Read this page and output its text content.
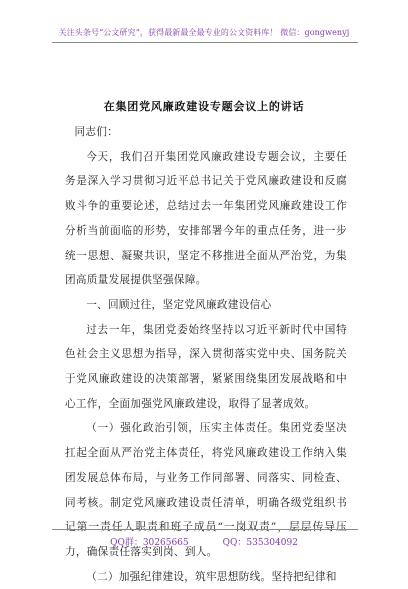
关注头条号“公文研究”，获得最新最全最专业的公文资料库！ 微信：gongwenyj
在集团党风廉政建设专题会议上的讲话

同志们：

今天，我们召开集团党风廉政建设专题会议，主要任务是深入学习贯彻习近平总书记关于党风廉政建设和反腐败斗争的重要论述，总结过去一年集团党风廉政建设工作分析当前面临的形势，安排部署今年的重点任务，进一步统一思想、凝聚共识，坚定不移推进全面从严治党，为集团高质量发展提供坚强保障。

一、回顾过往，坚定党风廉政建设信心

过去一年，集团党委始终坚持以习近平新时代中国特色社会主义思想为指导，深入贯彻落实党中央、国务院关于党风廉政建设的决策部署，紧紧围绕集团发展战略和中心工作，全面加强党风廉政建设，取得了显著成效。

（一）强化政治引领，压实主体责任。集团党委坚决扛起全面从严治党主体责任，将党风廉政建设工作纳入集团发展总体布局，与业务工作同部署、同落实、同检查、同考核。制定党风廉政建设责任清单，明确各级党组织书记第一责任人职责和班子成员“一岗双责”，层层传导压力，确保责任落实到岗、到人。

（二）加强纪律建设，筑牢思想防线。坚持把纪律和

QQ群：30265665	QQ：535304092
